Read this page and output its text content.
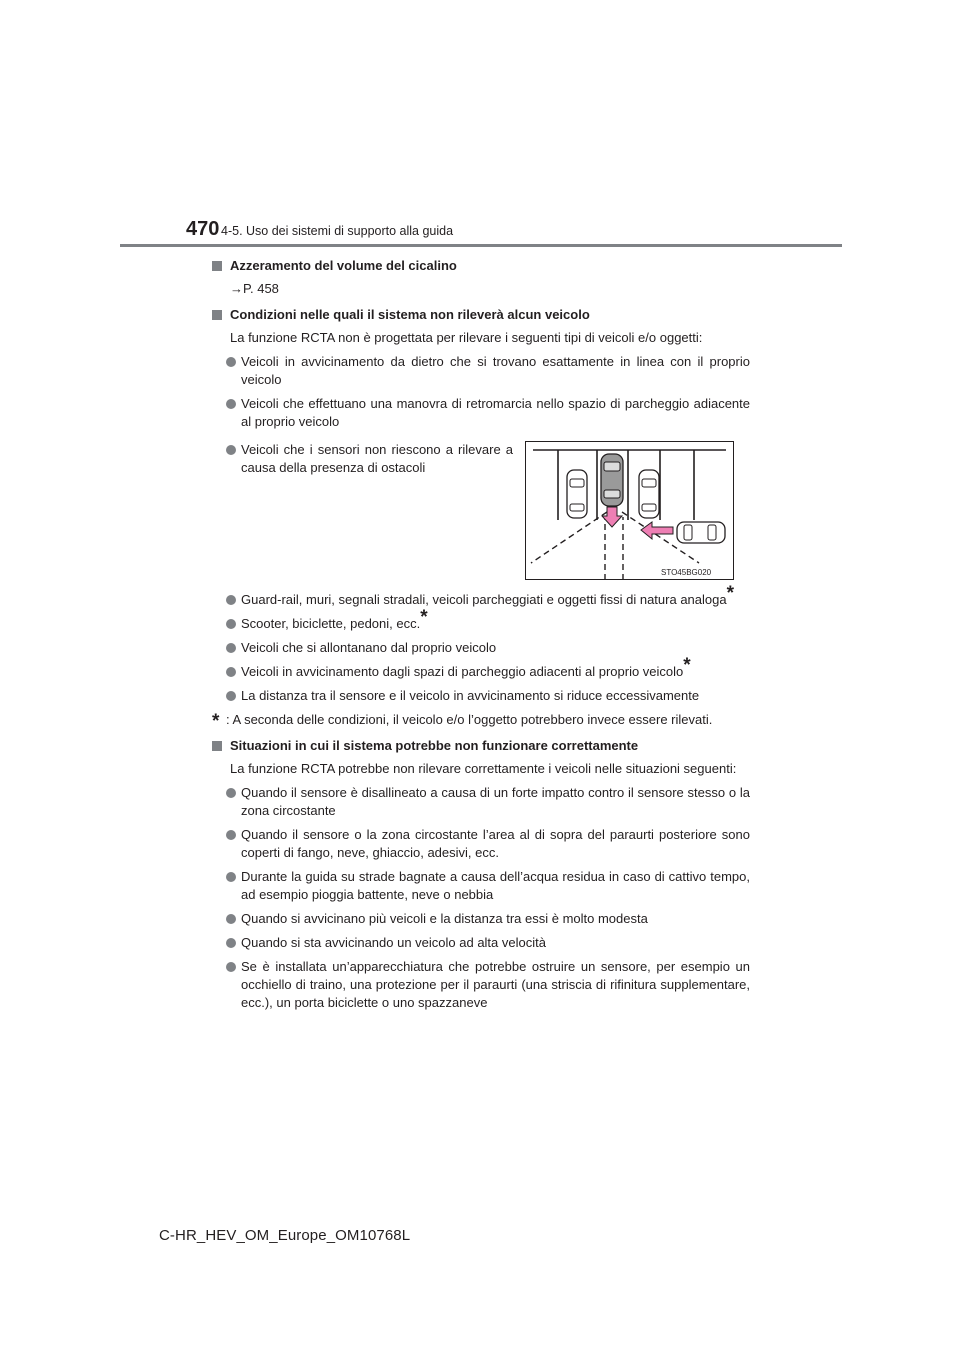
470 4-5. Uso dei sistemi di supporto alla guida
Azzeramento del volume del cicalino
→P. 458
Condizioni nelle quali il sistema non rileverà alcun veicolo
La funzione RCTA non è progettata per rilevare i seguenti tipi di veicoli e/o oggetti:
Veicoli in avvicinamento da dietro che si trovano esattamente in linea con il proprio veicolo
Veicoli che effettuano una manovra di retromarcia nello spazio di parcheggio adiacente al proprio veicolo
Veicoli che i sensori non riescono a rilevare a causa della presenza di ostacoli
STO45BG020
Guard-rail, muri, segnali stradali, veicoli parcheggiati e oggetti fissi di natura analoga*
Scooter, biciclette, pedoni, ecc.*
Veicoli che si allontanano dal proprio veicolo
Veicoli in avvicinamento dagli spazi di parcheggio adiacenti al proprio veicolo*
La distanza tra il sensore e il veicolo in avvicinamento si riduce eccessivamente
* : A seconda delle condizioni, il veicolo e/o l’oggetto potrebbero invece essere rilevati.
Situazioni in cui il sistema potrebbe non funzionare correttamente
La funzione RCTA potrebbe non rilevare correttamente i veicoli nelle situazioni seguenti:
Quando il sensore è disallineato a causa di un forte impatto contro il sensore stesso o la zona circostante
Quando il sensore o la zona circostante l’area al di sopra del paraurti posteriore sono coperti di fango, neve, ghiaccio, adesivi, ecc.
Durante la guida su strade bagnate a causa dell’acqua residua in caso di cattivo tempo, ad esempio pioggia battente, neve o nebbia
Quando si avvicinano più veicoli e la distanza tra essi è molto modesta
Quando si sta avvicinando un veicolo ad alta velocità
Se è installata un’apparecchiatura che potrebbe ostruire un sensore, per esempio un occhiello di traino, una protezione per il paraurti (una striscia di rifinitura supplementare, ecc.), un porta biciclette o uno spazzaneve
C-HR_HEV_OM_Europe_OM10768L
